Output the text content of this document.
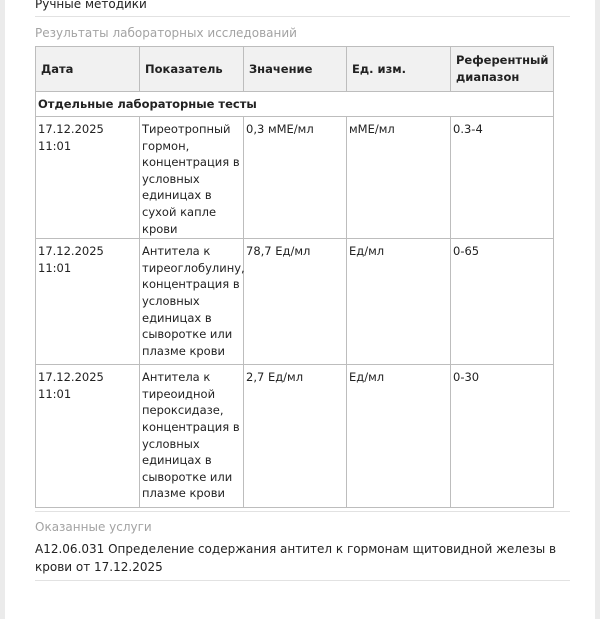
Ручные методики
Результаты лабораторных исследований
Дата	Показатель	Значение	Ед. изм.	Референтный диапазон
Отдельные лабораторные тесты				
17.12.2025 11:01	Тиреотропный гормон, концентрация в условных единицах в сухой капле крови	0,3 мМЕ/мл	мМЕ/мл	0.3-4
17.12.2025 11:01	Антитела к тиреоглобулину, концентрация в условных единицах в сыворотке или плазме крови	78,7 Ед/мл	Ед/мл	0-65
17.12.2025 11:01	Антитела к тиреоидной пероксидазе, концентрация в условных единицах в сыворотке или плазме крови	2,7 Ед/мл	Ед/мл	0-30
Оказанные услуги
A12.06.031 Определение содержания антител к гормонам щитовидной железы в крови от 17.12.2025
